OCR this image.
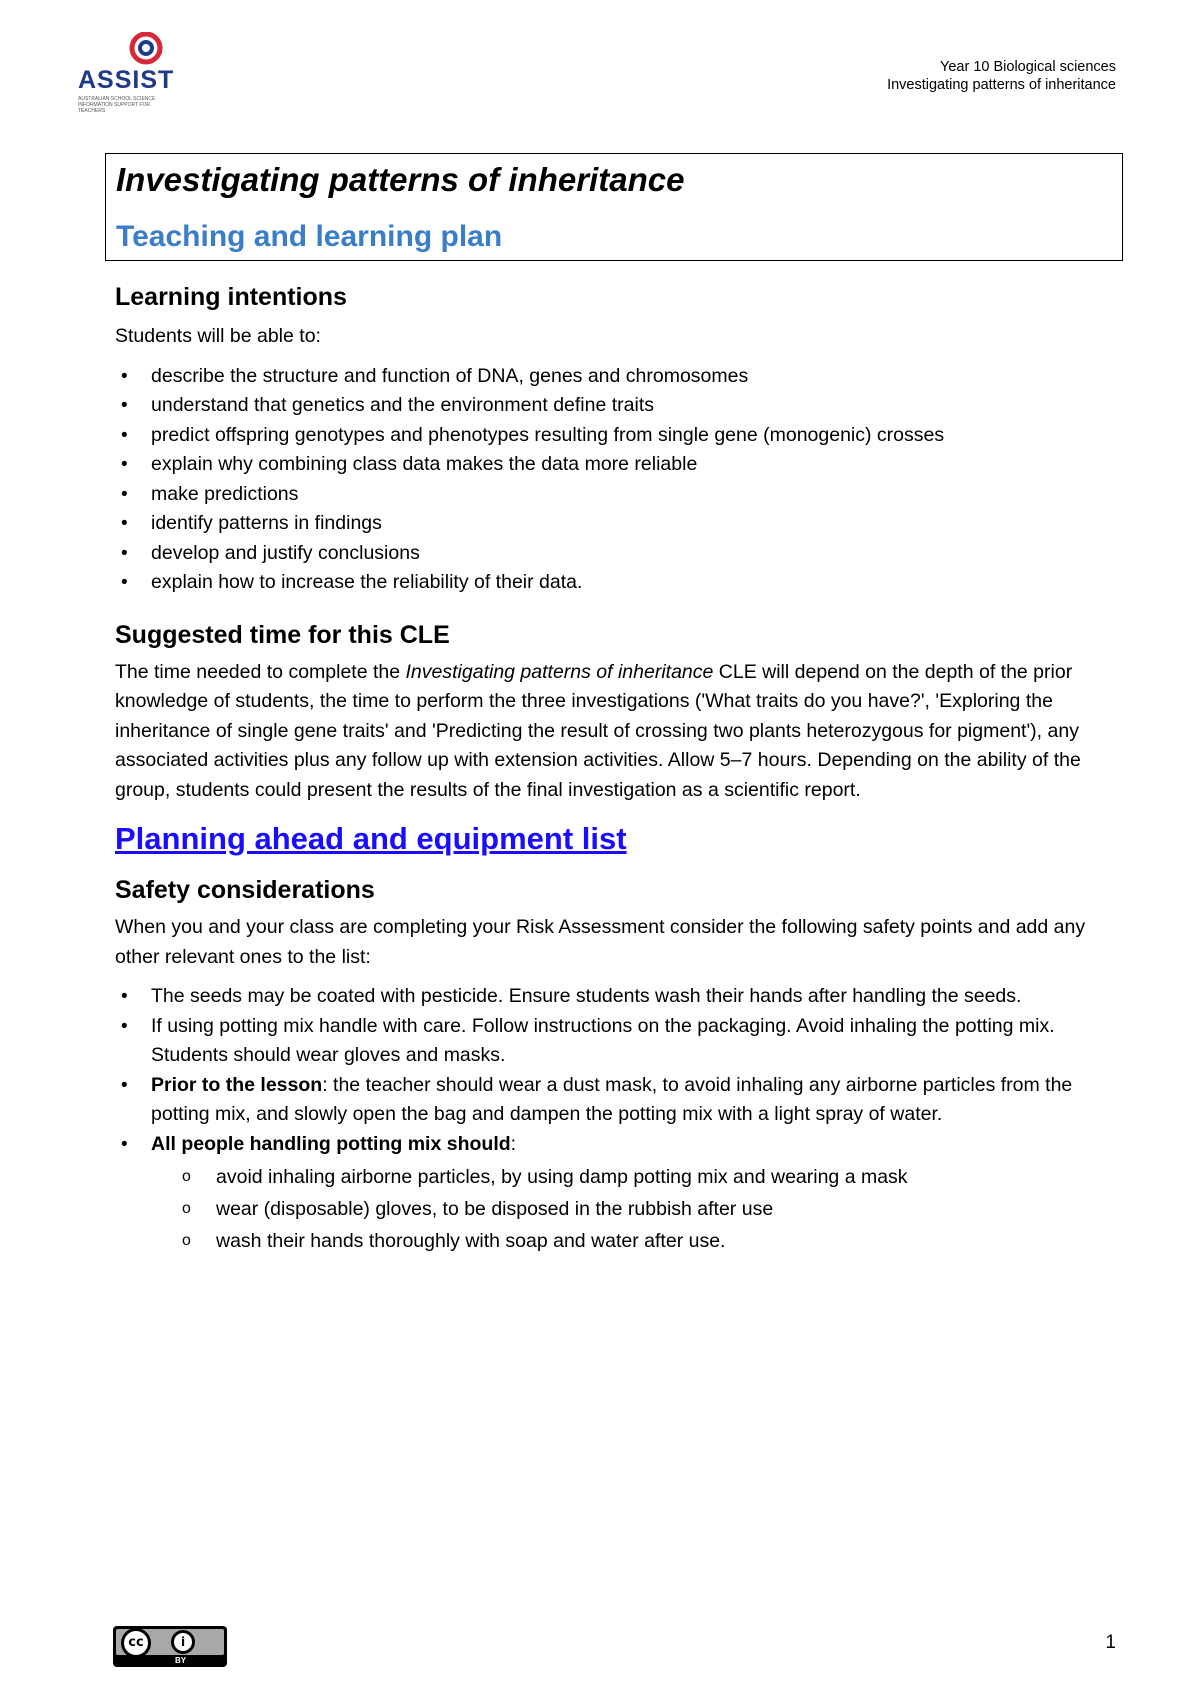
ASSIST
AUSTRALIAN SCHOOL SCIENCE INFORMATION SUPPORT FOR TEACHERS
Year 10 Biological sciences
Investigating patterns of inheritance
Investigating patterns of inheritance
Teaching and learning plan
Learning intentions

Students will be able to:

• describe the structure and function of DNA, genes and chromosomes
• understand that genetics and the environment define traits
• predict offspring genotypes and phenotypes resulting from single gene (monogenic) crosses
• explain why combining class data makes the data more reliable
• make predictions
• identify patterns in findings
• develop and justify conclusions
• explain how to increase the reliability of their data.
Suggested time for this CLE

The time needed to complete the Investigating patterns of inheritance CLE will depend on the depth of the prior knowledge of students, the time to perform the three investigations ('What traits do you have?', 'Exploring the inheritance of single gene traits' and 'Predicting the result of crossing two plants heterozygous for pigment'), any associated activities plus any follow up with extension activities. Allow 5–7 hours. Depending on the ability of the group, students could present the results of the final investigation as a scientific report.

Planning ahead and equipment list
Safety considerations

When you and your class are completing your Risk Assessment consider the following safety points and add any other relevant ones to the list:

• The seeds may be coated with pesticide. Ensure students wash their hands after handling the seeds.
• If using potting mix handle with care. Follow instructions on the packaging. Avoid inhaling the potting mix. Students should wear gloves and masks.
• Prior to the lesson: the teacher should wear a dust mask, to avoid inhaling any airborne particles from the potting mix, and slowly open the bag and dampen the potting mix with a light spray of water.
• All people handling potting mix should:
o avoid inhaling airborne particles, by using damp potting mix and wearing a mask
o wear (disposable) gloves, to be disposed in the rubbish after use
o wash their hands thoroughly with soap and water after use.
cc	i
BY
1
